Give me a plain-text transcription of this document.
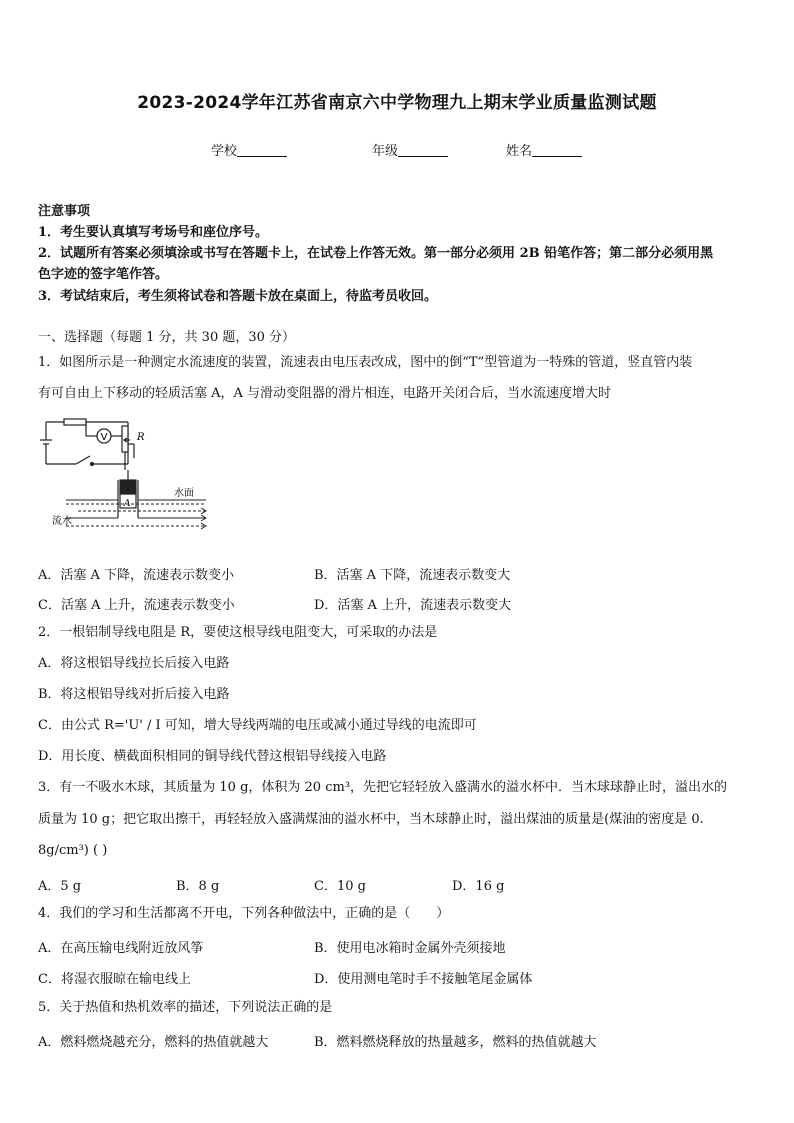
2023-2024学年江苏省南京六中学物理九上期末学业质量监测试题
学校	年级	姓名
注意事项
1．考生要认真填写考场号和座位序号。
2．试题所有答案必须填涂或书写在答题卡上，在试卷上作答无效。第一部分必须用 2B 铅笔作答；第二部分必须用黑
色字迹的签字笔作答。
3．考试结束后，考生须将试卷和答题卡放在桌面上，待监考员收回。
一、选择题（每题 1 分，共 30 题，30 分）
1．如图所示是一种测定水流速度的装置，流速表由电压表改成，图中的倒“T”型管道为一特殊的管道，竖直管内装
有可自由上下移动的轻质活塞 A，A 与滑动变阻器的滑片相连，电路开关闭合后，当水流速度增大时
V	R
A
水面
流水
A．活塞 A 下降，流速表示数变小	B．活塞 A 下降，流速表示数变大
C．活塞 A 上升，流速表示数变小	D．活塞 A 上升，流速表示数变大
2．一根铝制导线电阻是 R，要使这根导线电阻变大，可采取的办法是
A．将这根铝导线拉长后接入电路
B．将这根铝导线对折后接入电路
C．由公式 R='U' / I 可知，增大导线两端的电压或减小通过导线的电流即可
D．用长度、横截面积相同的铜导线代替这根铝导线接入电路
3．有一不吸水木球，其质量为 10 g，体积为 20 cm³，先把它轻轻放入盛满水的溢水杯中．当木球球静止时，溢出水的
质量为 10 g；把它取出擦干，再轻轻放入盛满煤油的溢水杯中，当木球静止时，溢出煤油的质量是(煤油的密度是 0.
8g/cm³) ( )
A．5 g	B．8 g	C．10 g	D．16 g
4．我们的学习和生活都离不开电，下列各种做法中，正确的是（　　）
A．在高压输电线附近放风筝	B．使用电冰箱时金属外壳须接地
C．将湿衣服晾在输电线上	D．使用测电笔时手不接触笔尾金属体
5．关于热值和热机效率的描述，下列说法正确的是
A．燃料燃烧越充分，燃料的热值就越大	B．燃料燃烧释放的热量越多，燃料的热值就越大
